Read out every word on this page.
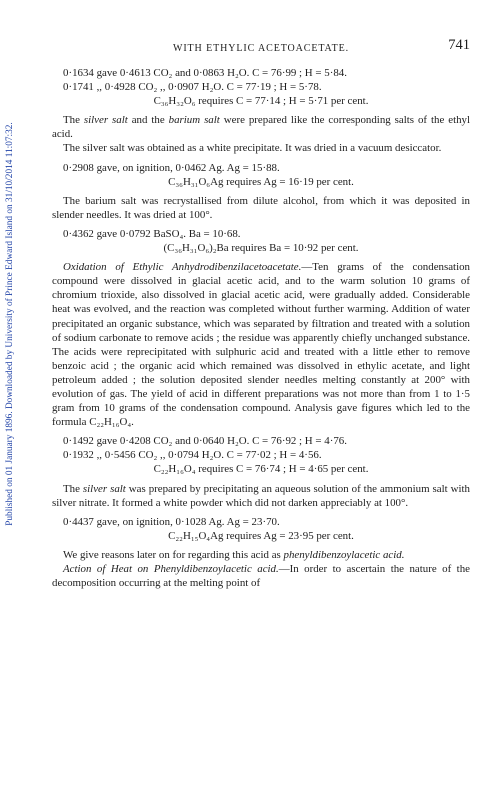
Published on 01 January 1896. Downloaded by University of Prince Edward Island on 31/10/2014 11:07:32.
WITH ETHYLIC ACETOACETATE.	741
0·1634 gave 0·4613 CO₂ and 0·0863 H₂O. C = 76·99 ; H = 5·84.
0·1741 ,, 0·4928 CO₂ ,, 0·0907 H₂O. C = 77·19 ; H = 5·78.
C₃₆H₃₂O₆ requires C = 77·14 ; H = 5·71 per cent.
The silver salt and the barium salt were prepared like the corresponding salts of the ethyl acid.
The silver salt was obtained as a white precipitate. It was dried in a vacuum desiccator.
0·2908 gave, on ignition, 0·0462 Ag. Ag = 15·88.
C₃₆H₃₁O₆Ag requires Ag = 16·19 per cent.
The barium salt was recrystallised from dilute alcohol, from which it was deposited in slender needles. It was dried at 100°.
0·4362 gave 0·0792 BaSO₄. Ba = 10·68.
(C₃₆H₃₁O₆)₂Ba requires Ba = 10·92 per cent.
Oxidation of Ethylic Anhydrodibenzilacetoacetate.—Ten grams of the condensation compound were dissolved in glacial acetic acid, and to the warm solution 10 grams of chromium trioxide, also dissolved in glacial acetic acid, were gradually added. Considerable heat was evolved, and the reaction was completed without further warming. Addition of water precipitated an organic substance, which was separated by filtration and treated with a solution of sodium carbonate to remove acids ; the residue was apparently chiefly unchanged substance. The acids were reprecipitated with sulphuric acid and treated with a little ether to remove benzoic acid ; the organic acid which remained was dissolved in ethylic acetate, and light petroleum added ; the solution deposited slender needles melting constantly at 200° with evolution of gas. The yield of acid in different preparations was not more than from 1 to 1·5 gram from 10 grams of the condensation compound. Analysis gave figures which led to the formula C₂₂H₁₆O₄.
0·1492 gave 0·4208 CO₂ and 0·0640 H₂O. C = 76·92 ; H = 4·76.
0·1932 ,, 0·5456 CO₂ ,, 0·0794 H₂O. C = 77·02 ; H = 4·56.
C₂₂H₁₆O₄ requires C = 76·74 ; H = 4·65 per cent.
The silver salt was prepared by precipitating an aqueous solution of the ammonium salt with silver nitrate. It formed a white powder which did not darken appreciably at 100°.
0·4437 gave, on ignition, 0·1028 Ag. Ag = 23·70.
C₂₂H₁₅O₄Ag requires Ag = 23·95 per cent.
We give reasons later on for regarding this acid as phenyldibenzoylacetic acid.
Action of Heat on Phenyldibenzoylacetic acid.—In order to ascertain the nature of the decomposition occurring at the melting point of
